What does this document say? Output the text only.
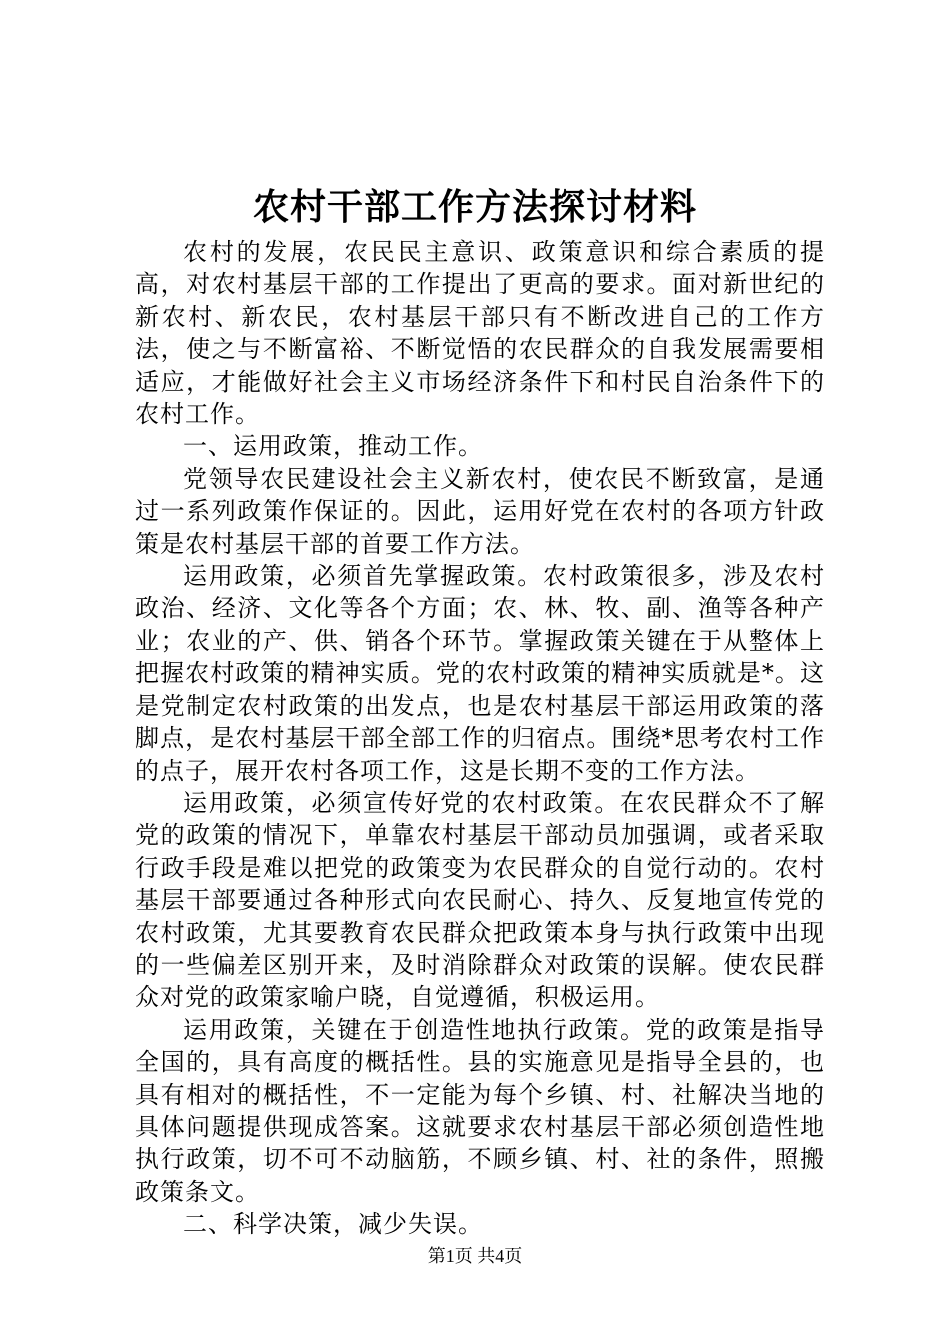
农村干部工作方法探讨材料

农村的发展，农民民主意识、政策意识和综合素质的提高，对农村基层干部的工作提出了更高的要求。面对新世纪的新农村、新农民，农村基层干部只有不断改进自己的工作方法，使之与不断富裕、不断觉悟的农民群众的自我发展需要相适应，才能做好社会主义市场经济条件下和村民自治条件下的农村工作。

一、运用政策，推动工作。

党领导农民建设社会主义新农村，使农民不断致富，是通过一系列政策作保证的。因此，运用好党在农村的各项方针政策是农村基层干部的首要工作方法。

运用政策，必须首先掌握政策。农村政策很多，涉及农村政治、经济、文化等各个方面；农、林、牧、副、渔等各种产业；农业的产、供、销各个环节。掌握政策关键在于从整体上把握农村政策的精神实质。党的农村政策的精神实质就是*。这是党制定农村政策的出发点，也是农村基层干部运用政策的落脚点，是农村基层干部全部工作的归宿点。围绕*思考农村工作的点子，展开农村各项工作，这是长期不变的工作方法。

运用政策，必须宣传好党的农村政策。在农民群众不了解党的政策的情况下，单靠农村基层干部动员加强调，或者采取行政手段是难以把党的政策变为农民群众的自觉行动的。农村基层干部要通过各种形式向农民耐心、持久、反复地宣传党的农村政策，尤其要教育农民群众把政策本身与执行政策中出现的一些偏差区别开来，及时消除群众对政策的误解。使农民群众对党的政策家喻户晓，自觉遵循，积极运用。

运用政策，关键在于创造性地执行政策。党的政策是指导全国的，具有高度的概括性。县的实施意见是指导全县的，也具有相对的概括性，不一定能为每个乡镇、村、社解决当地的具体问题提供现成答案。这就要求农村基层干部必须创造性地执行政策，切不可不动脑筋，不顾乡镇、村、社的条件，照搬政策条文。

二、科学决策，减少失误。

第1页 共4页
